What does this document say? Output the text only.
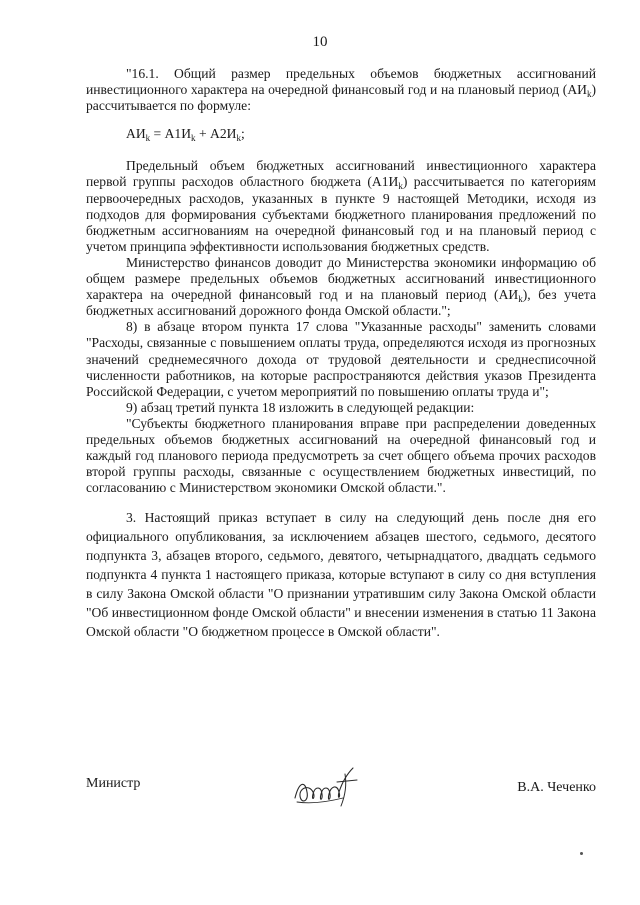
10

"16.1. Общий размер предельных объемов бюджетных ассигнований инвестиционного характера на очередной финансовый год и на плановый период $(АИ_k)$ рассчитывается по формуле:

$АИ_k = А1И_k + А2И_k$;

Предельный объем бюджетных ассигнований инвестиционного характера первой группы расходов областного бюджета $(А1И_k)$ рассчитывается по категориям первоочередных расходов, указанных в пункте 9 настоящей Методики, исходя из подходов для формирования субъектами бюджетного планирования предложений по бюджетным ассигнованиям на очередной финансовый год и на плановый период с учетом принципа эффективности использования бюджетных средств.

Министерство финансов доводит до Министерства экономики информацию об общем размере предельных объемов бюджетных ассигнований инвестиционного характера на очередной финансовый год и на плановый период $(АИ_k)$, без учета бюджетных ассигнований дорожного фонда Омской области.";

8) в абзаце втором пункта 17 слова "Указанные расходы" заменить словами "Расходы, связанные с повышением оплаты труда, определяются исходя из прогнозных значений среднемесячного дохода от трудовой деятельности и среднесписочной численности работников, на которые распространяются действия указов Президента Российской Федерации, с учетом мероприятий по повышению оплаты труда и";

9) абзац третий пункта 18 изложить в следующей редакции:

"Субъекты бюджетного планирования вправе при распределении доведенных предельных объемов бюджетных ассигнований на очередной финансовый год и каждый год планового периода предусмотреть за счет общего объема прочих расходов второй группы расходы, связанные с осуществлением бюджетных инвестиций, по согласованию с Министерством экономики Омской области.".

3. Настоящий приказ вступает в силу на следующий день после дня его официального опубликования, за исключением абзацев шестого, седьмого, десятого подпункта 3, абзацев второго, седьмого, девятого, четырнадцатого, двадцать седьмого подпункта 4 пункта 1 настоящего приказа, которые вступают в силу со дня вступления в силу Закона Омской области "О признании утратившим силу Закона Омской области "Об инвестиционном фонде Омской области" и внесении изменения в статью 11 Закона Омской области "О бюджетном процессе в Омской области".

Министр	В.А. Чеченко
